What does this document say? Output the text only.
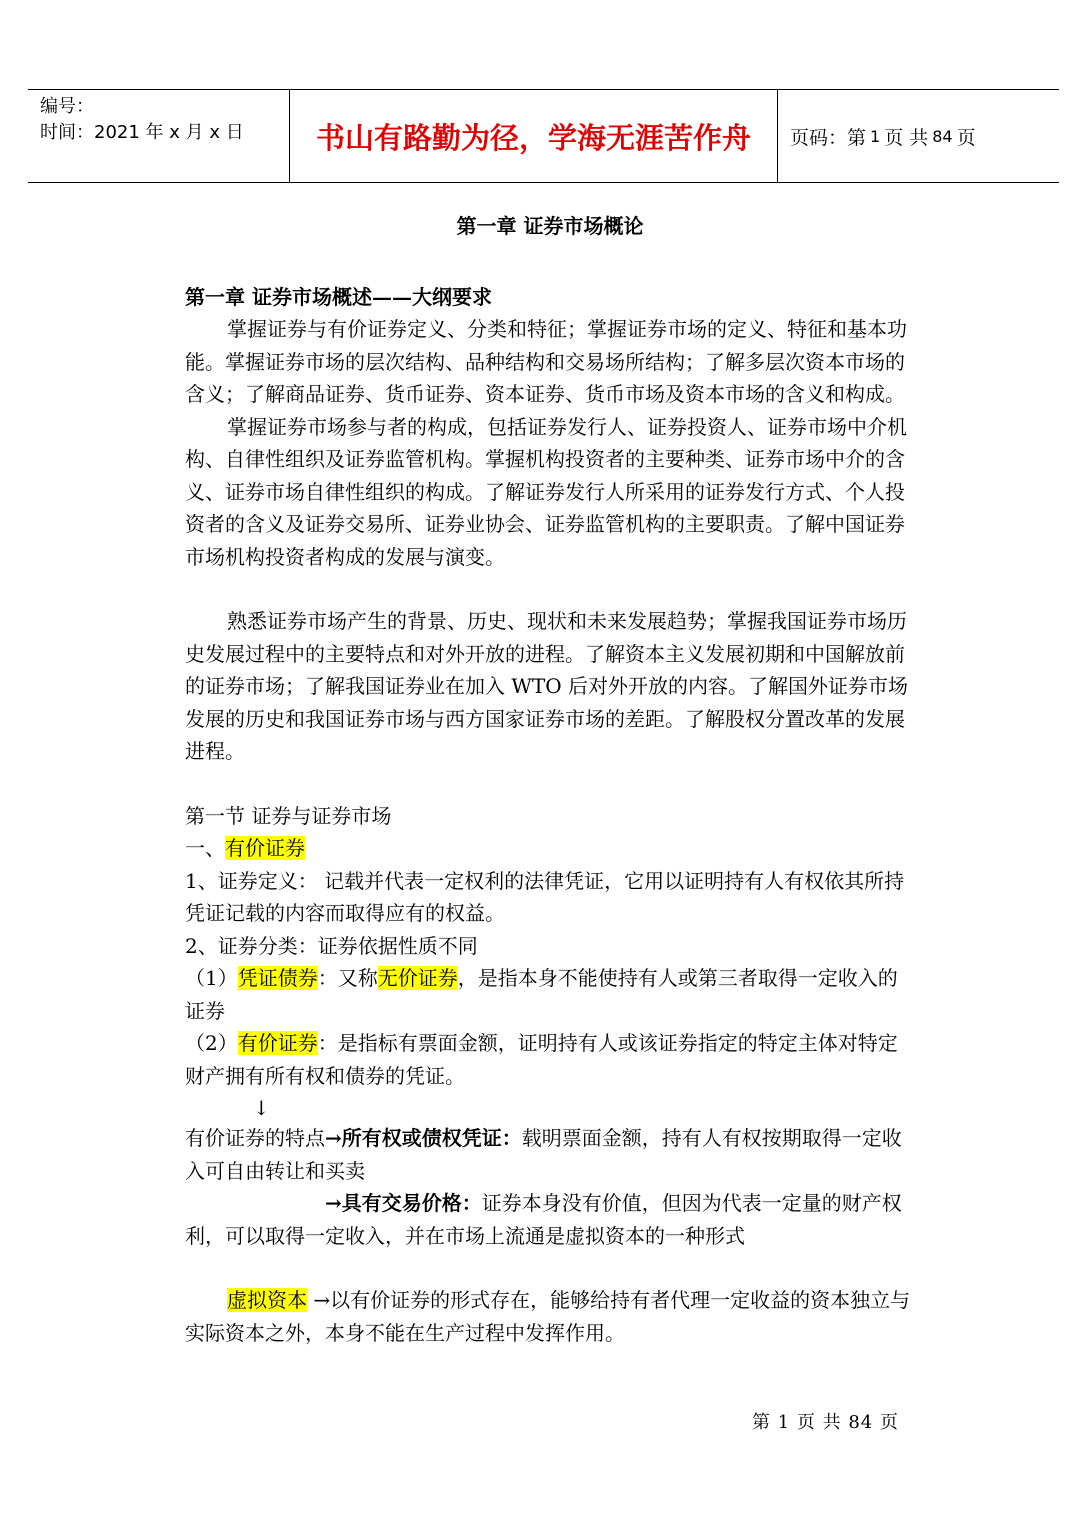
编号：
时间：2021 年 x 月 x 日	书山有路勤为径，学海无涯苦作舟	页码：第 1 页 共 84 页
第一章 证券市场概论

第一章 证券市场概述——大纲要求

掌握证券与有价证券定义、分类和特征；掌握证券市场的定义、特征和基本功能。掌握证券市场的层次结构、品种结构和交易场所结构；了解多层次资本市场的含义；了解商品证券、货币证券、资本证券、货币市场及资本市场的含义和构成。

掌握证券市场参与者的构成，包括证券发行人、证券投资人、证券市场中介机构、自律性组织及证券监管机构。掌握机构投资者的主要种类、证券市场中介的含义、证券市场自律性组织的构成。了解证券发行人所采用的证券发行方式、个人投资者的含义及证券交易所、证券业协会、证券监管机构的主要职责。了解中国证券市场机构投资者构成的发展与演变。

熟悉证券市场产生的背景、历史、现状和未来发展趋势；掌握我国证券市场历史发展过程中的主要特点和对外开放的进程。了解资本主义发展初期和中国解放前的证券市场；了解我国证券业在加入 WTO 后对外开放的内容。了解国外证券市场发展的历史和我国证券市场与西方国家证券市场的差距。了解股权分置改革的发展进程。

第一节 证券与证券市场

一、有价证券

1、证券定义： 记载并代表一定权利的法律凭证，它用以证明持有人有权依其所持凭证记载的内容而取得应有的权益。

2、证券分类：证券依据性质不同

（1）凭证债券：又称无价证券，是指本身不能使持有人或第三者取得一定收入的证券

（2）有价证券：是指标有票面金额，证明持有人或该证券指定的特定主体对特定财产拥有所有权和债券的凭证。

↓

有价证券的特点→所有权或债权凭证：载明票面金额，持有人有权按期取得一定收入可自由转让和买卖

→具有交易价格：证券本身没有价值，但因为代表一定量的财产权利，可以取得一定收入，并在市场上流通是虚拟资本的一种形式

虚拟资本 →以有价证券的形式存在，能够给持有者代理一定收益的资本独立与实际资本之外，本身不能在生产过程中发挥作用。

第 1 页 共 84 页
